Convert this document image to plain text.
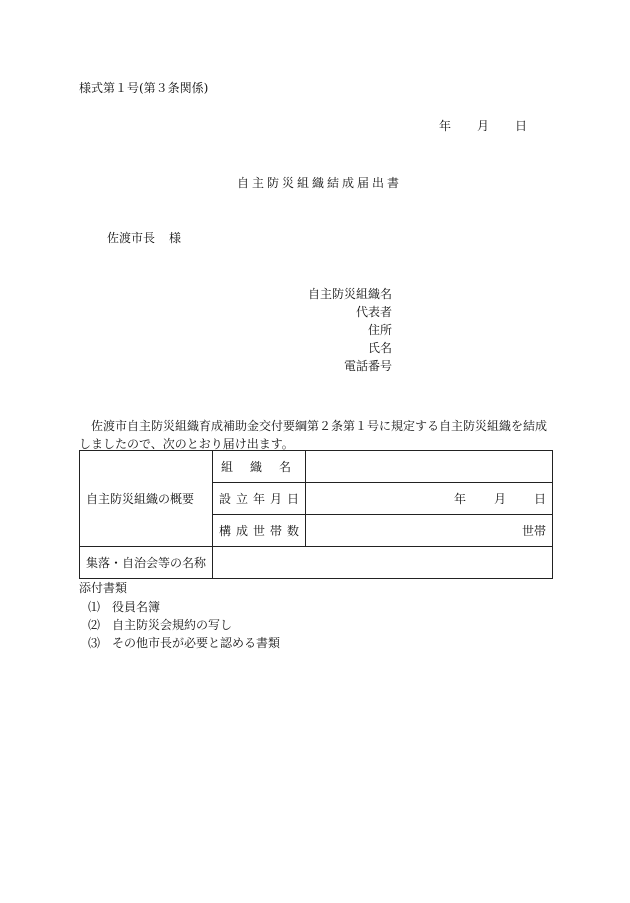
様式第１号(第３条関係)
年 月 日
自主防災組織結成届出書
佐渡市長 様
自主防災組織名
代表者
住所
氏名
電話番号
佐渡市自主防災組織育成補助金交付要綱第２条第１号に規定する自主防災組織を結成しましたので、次のとおり届け出ます。
自主防災組織の概要	組 織 名	

	設 立 年 月 日	年 月 日

	構 成 世 帯 数	世帯
集落・自治会等の名称		
添付書類
⑴ 役員名簿
⑵ 自主防災会規約の写し
⑶ その他市長が必要と認める書類
